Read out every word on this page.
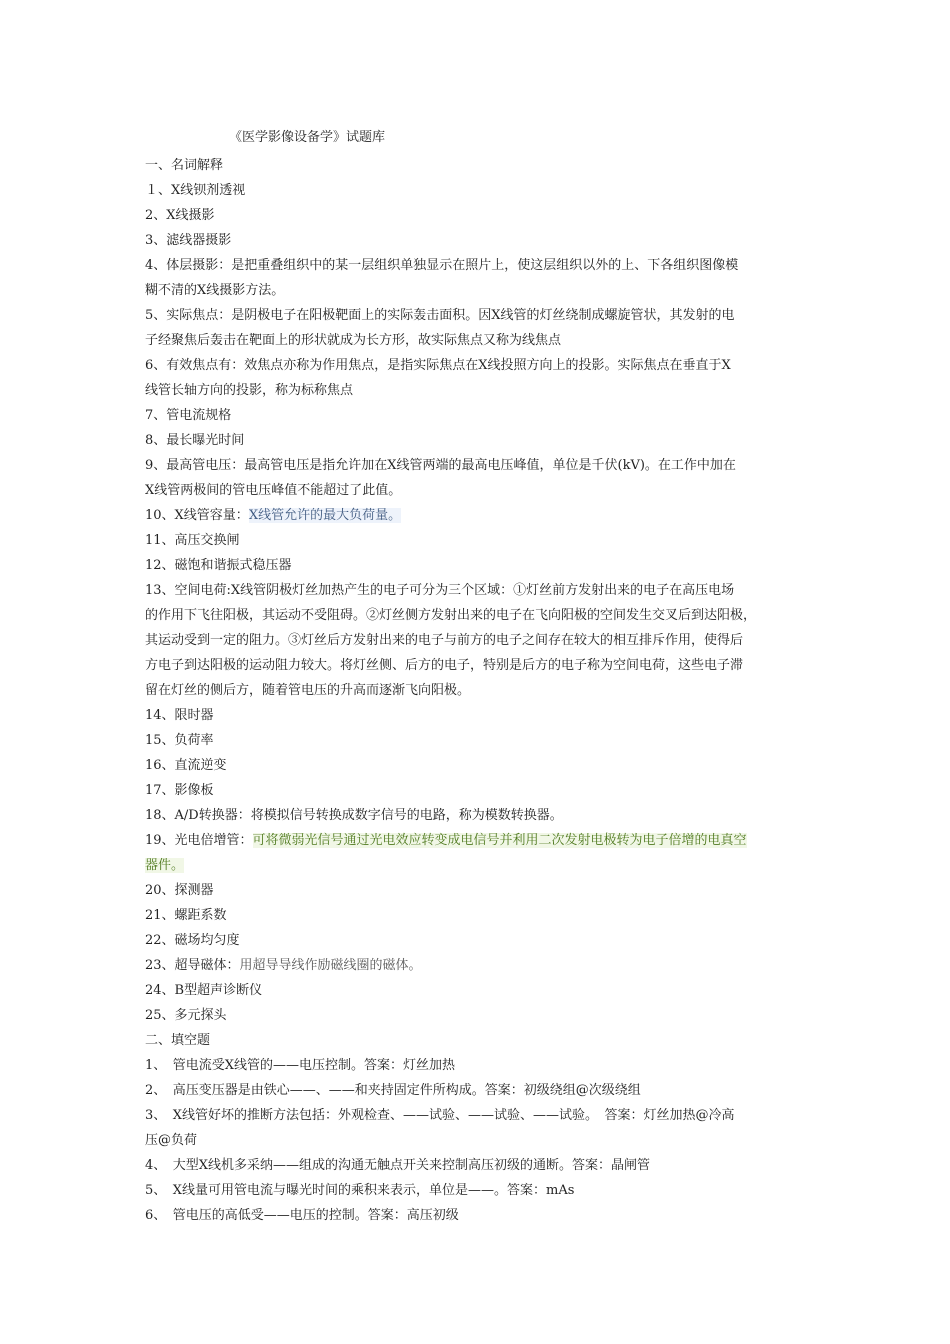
《医学影像设备学》试题库
一、名词解释
１、X线钡剂透视
2、X线摄影
3、滤线器摄影
4、体层摄影：是把重叠组织中的某一层组织单独显示在照片上，使这层组织以外的上、下各组织图像模
糊不清的X线摄影方法。
5、实际焦点：是阴极电子在阳极靶面上的实际轰击面积。因X线管的灯丝绕制成螺旋管状，其发射的电
子经聚焦后轰击在靶面上的形状就成为长方形，故实际焦点又称为线焦点
6、有效焦点有：效焦点亦称为作用焦点，是指实际焦点在X线投照方向上的投影。实际焦点在垂直于X
线管长轴方向的投影，称为标称焦点
7、管电流规格
8、最长曝光时间
9、最高管电压：最高管电压是指允许加在X线管两端的最高电压峰值，单位是千伏(kV)。在工作中加在
X线管两极间的管电压峰值不能超过了此值。
10、X线管容量：X线管允许的最大负荷量。
11、高压交换闸
12、磁饱和谐振式稳压器
13、空间电荷:X线管阴极灯丝加热产生的电子可分为三个区域：①灯丝前方发射出来的电子在高压电场
的作用下飞往阳极，其运动不受阻碍。②灯丝侧方发射出来的电子在飞向阳极的空间发生交叉后到达阳极，
其运动受到一定的阻力。③灯丝后方发射出来的电子与前方的电子之间存在较大的相互排斥作用，使得后
方电子到达阳极的运动阻力较大。将灯丝侧、后方的电子，特别是后方的电子称为空间电荷，这些电子滞
留在灯丝的侧后方，随着管电压的升高而逐渐飞向阳极。
14、限时器
15、负荷率
16、直流逆变
17、影像板
18、A/D转换器：将模拟信号转换成数字信号的电路，称为模数转换器。
19、光电倍增管：可将微弱光信号通过光电效应转变成电信号并利用二次发射电极转为电子倍增的电真空
器件。
20、探测器
21、螺距系数
22、磁场均匀度
23、超导磁体：用超导导线作励磁线圈的磁体。
24、B型超声诊断仪
25、多元探头
二、填空题
1、　管电流受X线管的——电压控制。答案：灯丝加热
2、　高压变压器是由铁心——、——和夹持固定件所构成。答案：初级绕组@次级绕组
3、　X线管好坏的推断方法包括：外观检查、——试验、——试验、——试验。　答案：灯丝加热@冷高
压@负荷
4、　大型X线机多采纳——组成的沟通无触点开关来控制高压初级的通断。答案：晶闸管
5、　X线量可用管电流与曝光时间的乘积来表示，单位是——。答案：mAs
6、　管电压的高低受——电压的控制。答案：高压初级
